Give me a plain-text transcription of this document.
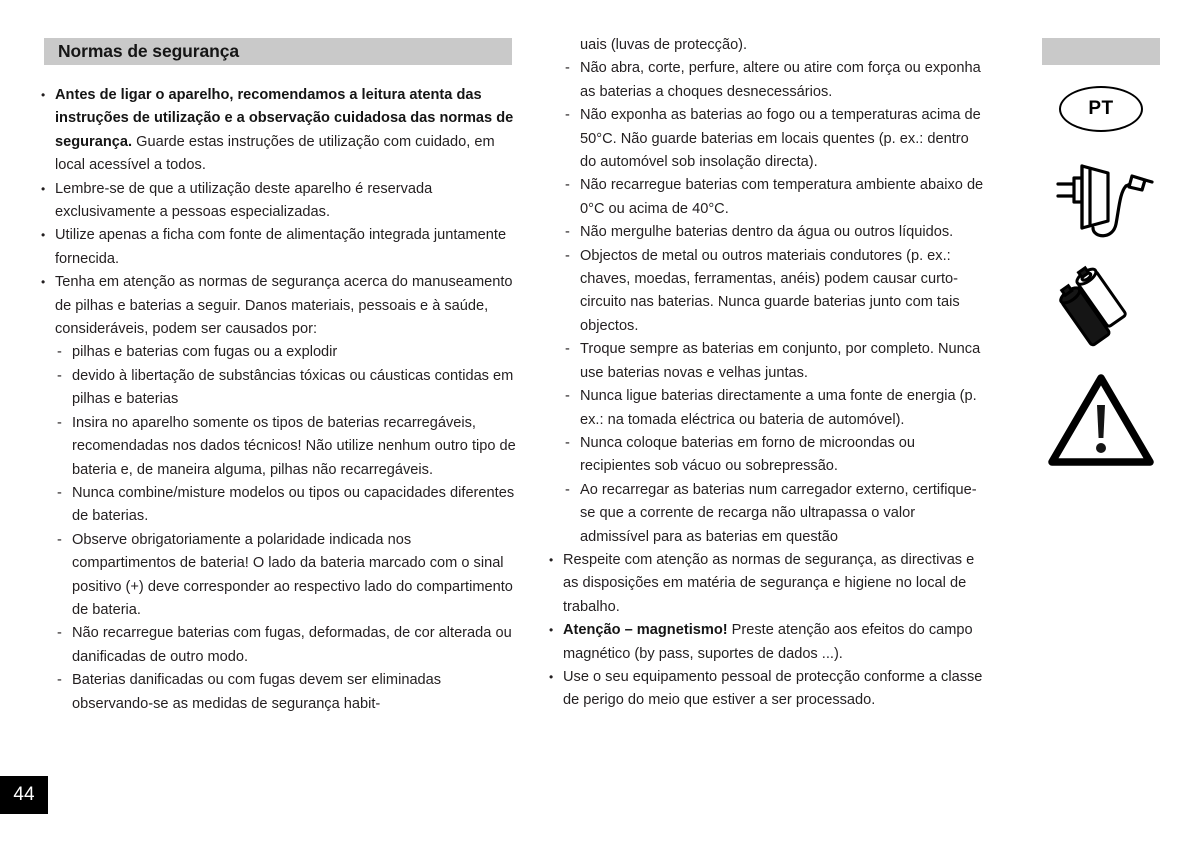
Normas de segurança
• Antes de ligar o aparelho, recomendamos a leitura atenta das instruções de utilização e a observação cuidadosa das normas de segurança. Guarde estas instruções de utilização com cuidado, em local acessível a todos.
• Lembre-se de que a utilização deste aparelho é reservada exclusivamente a pessoas especializadas.
• Utilize apenas a ficha com fonte de alimentação integrada juntamente fornecida.
• Tenha em atenção as normas de segurança acerca do manuseamento de pilhas e baterias a seguir. Danos materiais, pessoais e à saúde, consideráveis, podem ser causados por:
- pilhas e baterias com fugas ou a explodir
- devido à libertação de substâncias tóxicas ou cáusticas contidas em pilhas e baterias
- Insira no aparelho somente os tipos de baterias recarregáveis, recomendadas nos dados técnicos! Não utilize nenhum outro tipo de bateria e, de maneira alguma, pilhas não recarregáveis.
- Nunca combine/misture modelos ou tipos ou capacidades diferentes de baterias.
- Observe obrigatoriamente a polaridade indicada nos compartimentos de bateria! O lado da bateria marcado com o sinal positivo (+) deve corresponder ao respectivo lado do compartimento de bateria.
- Não recarregue baterias com fugas, deformadas, de cor alterada ou danificadas de outro modo.
- Baterias danificadas ou com fugas devem ser eliminadas observando-se as medidas de segurança habit-
uais (luvas de protecção).
- Não abra, corte, perfure, altere ou atire com força ou exponha as baterias a choques desnecessários.
- Não exponha as baterias ao fogo ou a temperaturas acima de 50°C. Não guarde baterias em locais quentes (p. ex.: dentro do automóvel sob insolação directa).
- Não recarregue baterias com temperatura ambiente abaixo de 0°C ou acima de 40°C.
- Não mergulhe baterias dentro da água ou outros líquidos.
- Objectos de metal ou outros materiais condutores (p. ex.: chaves, moedas, ferramentas, anéis) podem causar curto-circuito nas baterias. Nunca guarde baterias junto com tais objectos.
- Troque sempre as baterias em conjunto, por completo. Nunca use baterias novas e velhas juntas.
- Nunca ligue baterias directamente a uma fonte de energia (p. ex.: na tomada eléctrica ou bateria de automóvel).
- Nunca coloque baterias em forno de microondas ou recipientes sob vácuo ou sobrepressão.
- Ao recarregar as baterias num carregador externo, certifique-se que a corrente de recarga não ultrapassa o valor admissível para as baterias em questão
• Respeite com atenção as normas de segurança, as directivas e as disposições em matéria de segurança e higiene no local de trabalho.
• Atenção – magnetismo! Preste atenção aos efeitos do campo magnético (by pass, suportes de dados ...).
• Use o seu equipamento pessoal de protecção conforme a classe de perigo do meio que estiver a ser processado.
44
PT
